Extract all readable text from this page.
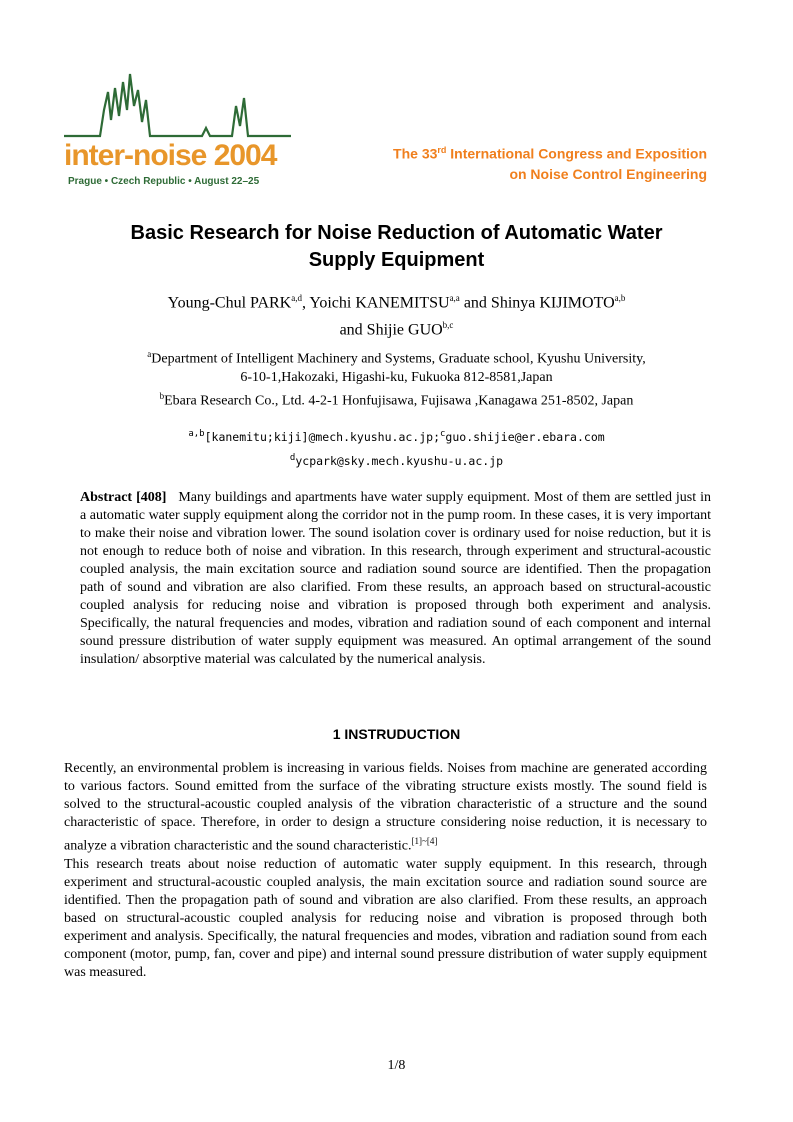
inter-noise 2004
Prague • Czech Republic • August 22–25
The 33rd International Congress and Exposition
on Noise Control Engineering
Basic Research for Noise Reduction of Automatic Water
Supply Equipment
Young-Chul PARK$^{a,d}$, Yoichi KANEMITSU$^{a,a}$ and Shinya KIJIMOTO$^{a,b}$
and Shijie GUO$^{b,c}$
$^a$Department of Intelligent Machinery and Systems, Graduate school, Kyushu University,
6-10-1,Hakozaki, Higashi-ku, Fukuoka 812-8581,Japan
$^b$Ebara Research Co., Ltd. 4-2-1 Honfujisawa, Fujisawa ,Kanagawa 251-8502, Japan
$^{a,b}$[kanemitu;kiji]@mech.kyushu.ac.jp;$^c$guo.shijie@er.ebara.com
$^d$ycpark@sky.mech.kyushu-u.ac.jp
Abstract [408] Many buildings and apartments have water supply equipment. Most of them are settled just in a automatic water supply equipment along the corridor not in the pump room. In these cases, it is very important to make their noise and vibration lower. The sound isolation cover is ordinary used for noise reduction, but it is not enough to reduce both of noise and vibration. In this research, through experiment and structural-acoustic coupled analysis, the main excitation source and radiation sound source are identified. Then the propagation path of sound and vibration are also clarified. From these results, an approach based on structural-acoustic coupled analysis for reducing noise and vibration is proposed through both experiment and analysis. Specifically, the natural frequencies and modes, vibration and radiation sound of each component and internal sound pressure distribution of water supply equipment was measured. An optimal arrangement of the sound insulation/ absorptive material was calculated by the numerical analysis.
1 INSTRUDUCTION

Recently, an environmental problem is increasing in various fields. Noises from machine are generated according to various factors. Sound emitted from the surface of the vibrating structure exists mostly. The sound field is solved to the structural-acoustic coupled analysis of the vibration characteristic of a structure and the sound characteristic of space. Therefore, in order to design a structure considering noise reduction, it is necessary to analyze a vibration characteristic and the sound characteristic.[1]~[4]

This research treats about noise reduction of automatic water supply equipment. In this research, through experiment and structural-acoustic coupled analysis, the main excitation source and radiation sound source are identified. Then the propagation path of sound and vibration are also clarified. From these results, an approach based on structural-acoustic coupled analysis for reducing noise and vibration is proposed through both experiment and analysis. Specifically, the natural frequencies and modes, vibration and radiation sound from each component (motor, pump, fan, cover and pipe) and internal sound pressure distribution of water supply equipment was measured.

1/8
